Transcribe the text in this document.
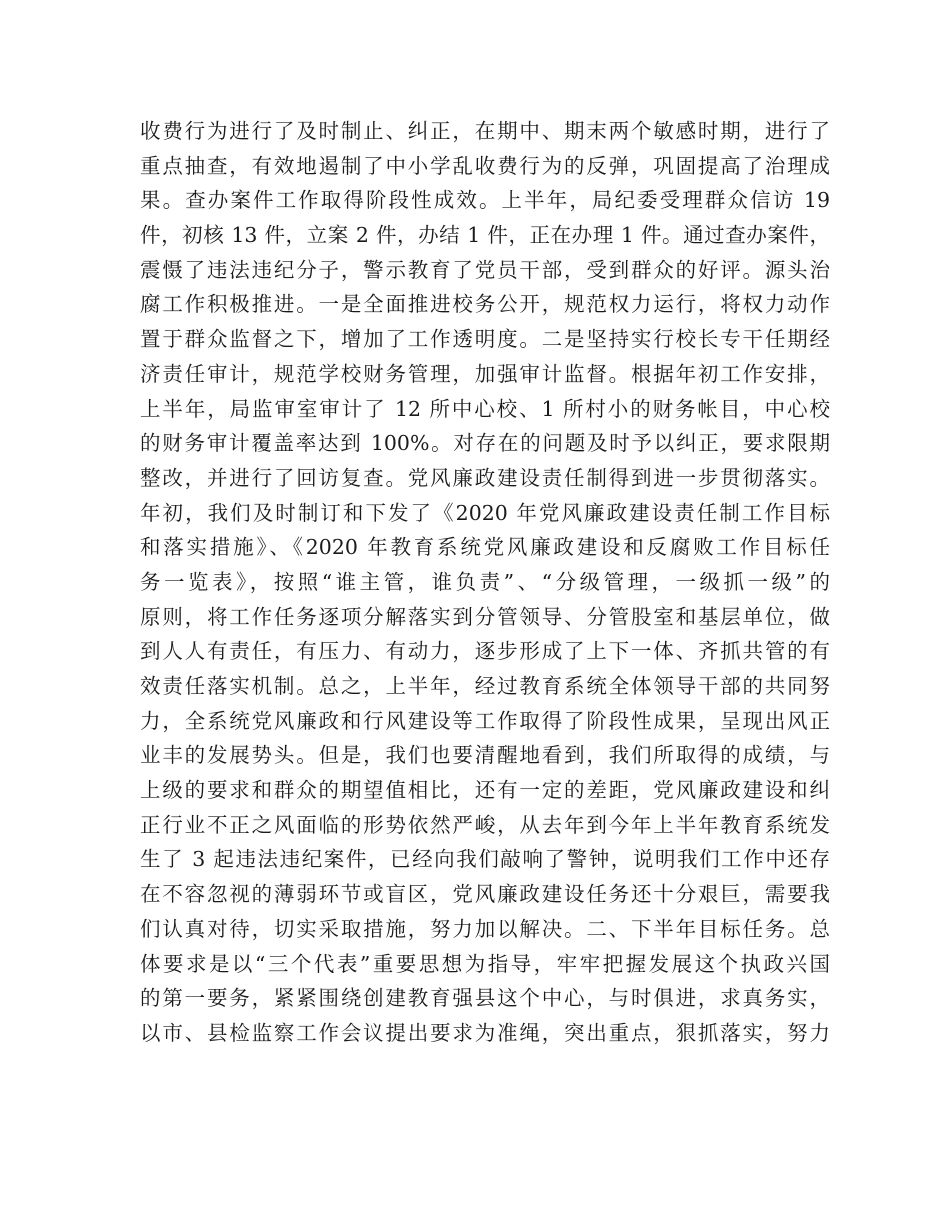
收费行为进行了及时制止、纠正，在期中、期末两个敏感时期，进行了
重点抽查，有效地遏制了中小学乱收费行为的反弹，巩固提高了治理成
果。查办案件工作取得阶段性成效。上半年，局纪委受理群众信访 19
件，初核 13 件，立案 2 件，办结 1 件，正在办理 1 件。通过查办案件，
震慑了违法违纪分子，警示教育了党员干部，受到群众的好评。源头治
腐工作积极推进。一是全面推进校务公开，规范权力运行，将权力动作
置于群众监督之下，增加了工作透明度。二是坚持实行校长专干任期经
济责任审计，规范学校财务管理，加强审计监督。根据年初工作安排，
上半年，局监审室审计了 12 所中心校、1 所村小的财务帐目，中心校
的财务审计覆盖率达到 100%。对存在的问题及时予以纠正，要求限期
整改，并进行了回访复查。党风廉政建设责任制得到进一步贯彻落实。
年初，我们及时制订和下发了《2020 年党风廉政建设责任制工作目标
和落实措施》、《2020 年教育系统党风廉政建设和反腐败工作目标任
务一览表》，按照“谁主管，谁负责”、“分级管理，一级抓一级”的
原则，将工作任务逐项分解落实到分管领导、分管股室和基层单位，做
到人人有责任，有压力、有动力，逐步形成了上下一体、齐抓共管的有
效责任落实机制。总之，上半年，经过教育系统全体领导干部的共同努
力，全系统党风廉政和行风建设等工作取得了阶段性成果，呈现出风正
业丰的发展势头。但是，我们也要清醒地看到，我们所取得的成绩，与
上级的要求和群众的期望值相比，还有一定的差距，党风廉政建设和纠
正行业不正之风面临的形势依然严峻，从去年到今年上半年教育系统发
生了 3 起违法违纪案件，已经向我们敲响了警钟，说明我们工作中还存
在不容忽视的薄弱环节或盲区，党风廉政建设任务还十分艰巨，需要我
们认真对待，切实采取措施，努力加以解决。二、下半年目标任务。总
体要求是以“三个代表”重要思想为指导，牢牢把握发展这个执政兴国
的第一要务，紧紧围绕创建教育强县这个中心，与时俱进，求真务实，
以市、县检监察工作会议提出要求为准绳，突出重点，狠抓落实，努力
